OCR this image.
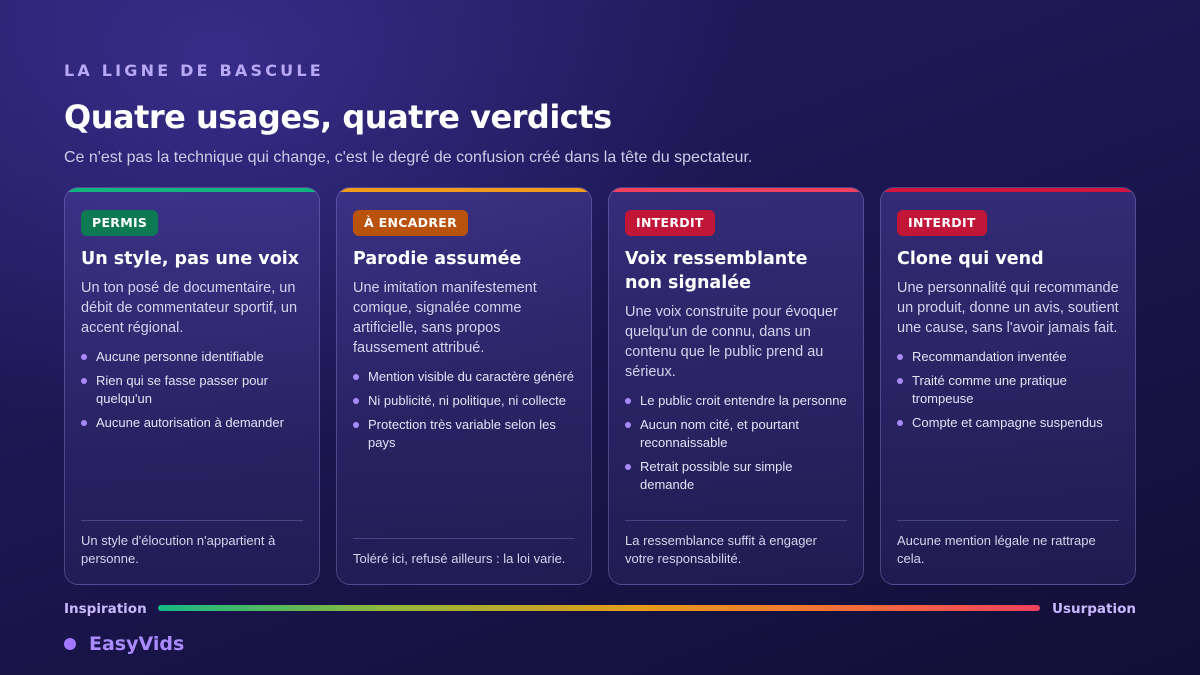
LA LIGNE DE BASCULE
Quatre usages, quatre verdicts

Ce n'est pas la technique qui change, c'est le degré de confusion créé dans la tête du spectateur.

PERMIS
Un style, pas une voix

Un ton posé de documentaire, un débit de commentateur sportif, un accent régional.

Aucune personne identifiable
Rien qui se fasse passer pour quelqu'un
Aucune autorisation à demander
Un style d'élocution n'appartient à personne.
À ENCADRER
Parodie assumée

Une imitation manifestement comique, signalée comme artificielle, sans propos faussement attribué.

Mention visible du caractère généré
Ni publicité, ni politique, ni collecte
Protection très variable selon les pays
Toléré ici, refusé ailleurs : la loi varie.
INTERDIT
Voix ressemblante non signalée

Une voix construite pour évoquer quelqu'un de connu, dans un contenu que le public prend au sérieux.

Le public croit entendre la personne
Aucun nom cité, et pourtant reconnaissable
Retrait possible sur simple demande
La ressemblance suffit à engager votre responsabilité.
INTERDIT
Clone qui vend

Une personnalité qui recommande un produit, donne un avis, soutient une cause, sans l'avoir jamais fait.

Recommandation inventée
Traité comme une pratique trompeuse
Compte et campagne suspendus
Aucune mention légale ne rattrape cela.
Inspiration	Usurpation
EasyVids
